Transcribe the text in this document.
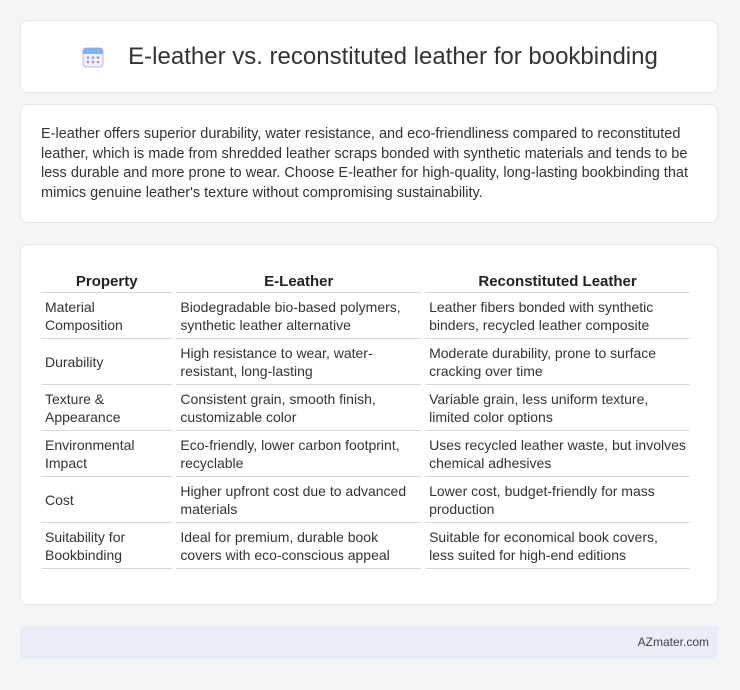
E-leather vs. reconstituted leather for bookbinding

E-leather offers superior durability, water resistance, and eco-friendliness compared to reconstituted leather, which is made from shredded leather scraps bonded with synthetic materials and tends to be less durable and more prone to wear. Choose E-leather for high-quality, long-lasting bookbinding that mimics genuine leather's texture without compromising sustainability.

Property	E-Leather	Reconstituted Leather
Material Composition	Biodegradable bio-based polymers, synthetic leather alternative	Leather fibers bonded with synthetic binders, recycled leather composite
Durability	High resistance to wear, water-resistant, long-lasting	Moderate durability, prone to surface cracking over time
Texture & Appearance	Consistent grain, smooth finish, customizable color	Variable grain, less uniform texture, limited color options
Environmental Impact	Eco-friendly, lower carbon footprint, recyclable	Uses recycled leather waste, but involves chemical adhesives
Cost	Higher upfront cost due to advanced materials	Lower cost, budget-friendly for mass production
Suitability for Bookbinding	Ideal for premium, durable book covers with eco-conscious appeal	Suitable for economical book covers, less suited for high-end editions
AZmater.com
